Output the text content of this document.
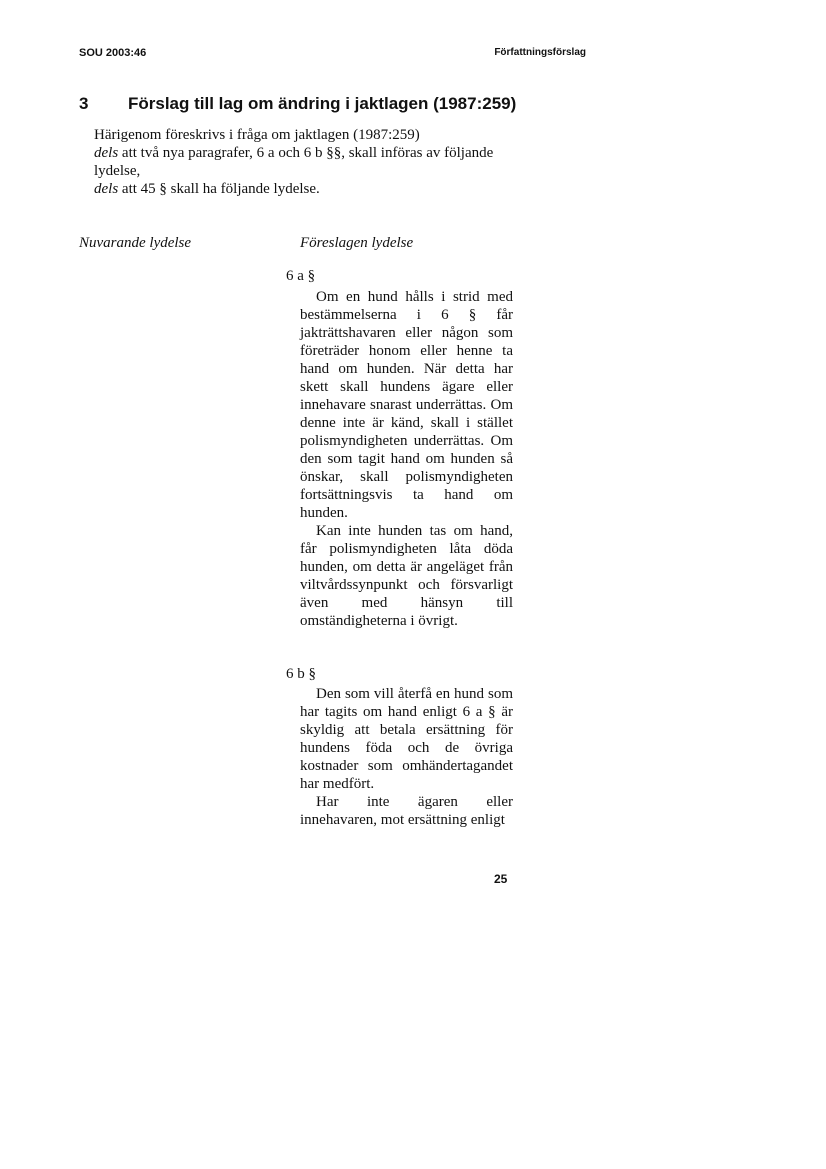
SOU 2003:46	Författningsförslag
3 Förslag till lag om ändring i jaktlagen (1987:259)

Härigenom föreskrivs i fråga om jaktlagen (1987:259)

dels att två nya paragrafer, 6 a och 6 b §§, skall införas av följande lydelse,

dels att 45 § skall ha följande lydelse.

Nuvarande lydelse	Föreslagen lydelse
6 a §

Om en hund hålls i strid med bestämmelserna i 6 § får jakträttshavaren eller någon som företräder honom eller henne ta hand om hunden. När detta har skett skall hundens ägare eller innehavare snarast underrättas. Om denne inte är känd, skall i stället polismyndigheten underrättas. Om den som tagit hand om hunden så önskar, skall polismyndigheten fortsättningsvis ta hand om hunden.

Kan inte hunden tas om hand, får polismyndigheten låta döda hunden, om detta är angeläget från viltvårdssynpunkt och försvarligt även med hänsyn till omständigheterna i övrigt.

6 b §

Den som vill återfå en hund som har tagits om hand enligt 6 a § är skyldig att betala ersättning för hundens föda och de övriga kostnader som omhändertagandet har medfört.

Har inte ägaren eller innehavaren, mot ersättning enligt

25
